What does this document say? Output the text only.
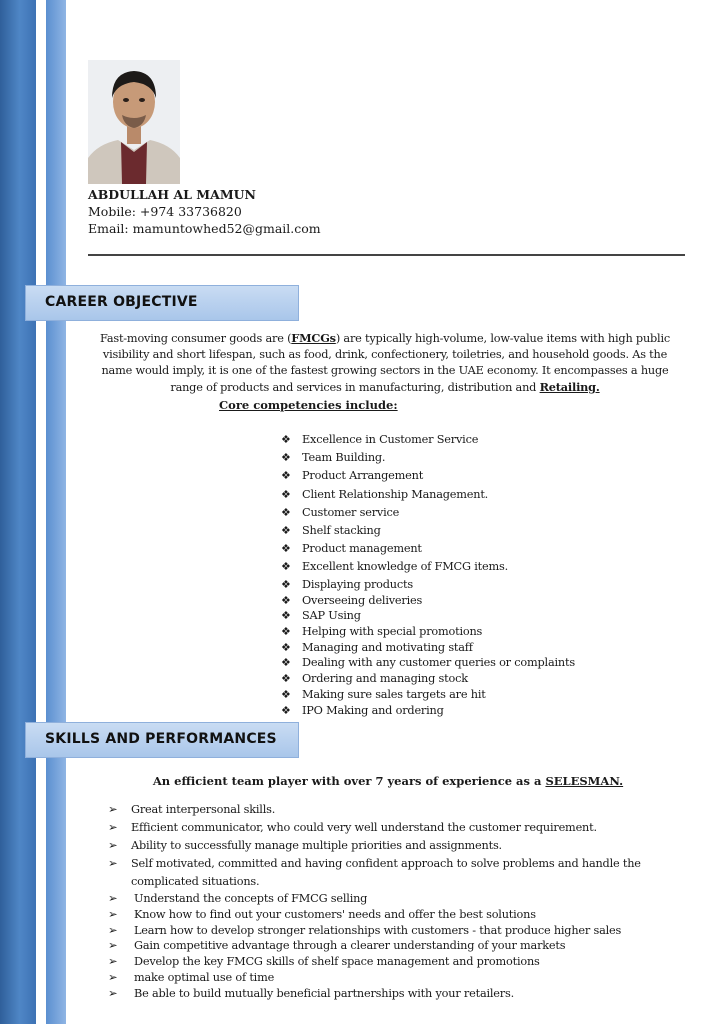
ABDULLAH AL MAMUN
Mobile: +974 33736820
Email: mamuntowhed52@gmail.com
CAREER OBJECTIVE
Fast-moving consumer goods are (FMCGs) are typically high-volume, low-value items with high public visibility and short lifespan, such as food, drink, confectionery, toiletries, and household goods. As the name would imply, it is one of the fastest growing sectors in the UAE economy. It encompasses a huge range of products and services in manufacturing, distribution and Retailing.
Core competencies include:
❖ Excellence in Customer Service
❖ Team Building.
❖ Product Arrangement
❖ Client Relationship Management.
❖ Customer service
❖ Shelf stacking
❖ Product management
❖ Excellent knowledge of FMCG items.
❖ Displaying products
❖ Overseeing deliveries
❖ SAP Using
❖ Helping with special promotions
❖ Managing and motivating staff
❖ Dealing with any customer queries or complaints
❖ Ordering and managing stock
❖ Making sure sales targets are hit
❖ IPO Making and ordering
SKILLS AND PERFORMANCES
An efficient team player with over 7 years of experience as a SELESMAN.
➢ Great interpersonal skills.
➢ Efficient communicator, who could very well understand the customer requirement.
➢ Ability to successfully manage multiple priorities and assignments.
➢ Self motivated, committed and having confident approach to solve problems and handle the complicated situations.
➢ Understand the concepts of FMCG selling
➢ Know how to find out your customers' needs and offer the best solutions
➢ Learn how to develop stronger relationships with customers - that produce higher sales
➢ Gain competitive advantage through a clearer understanding of your markets
➢ Develop the key FMCG skills of shelf space management and promotions
➢ make optimal use of time
➢ Be able to build mutually beneficial partnerships with your retailers.
